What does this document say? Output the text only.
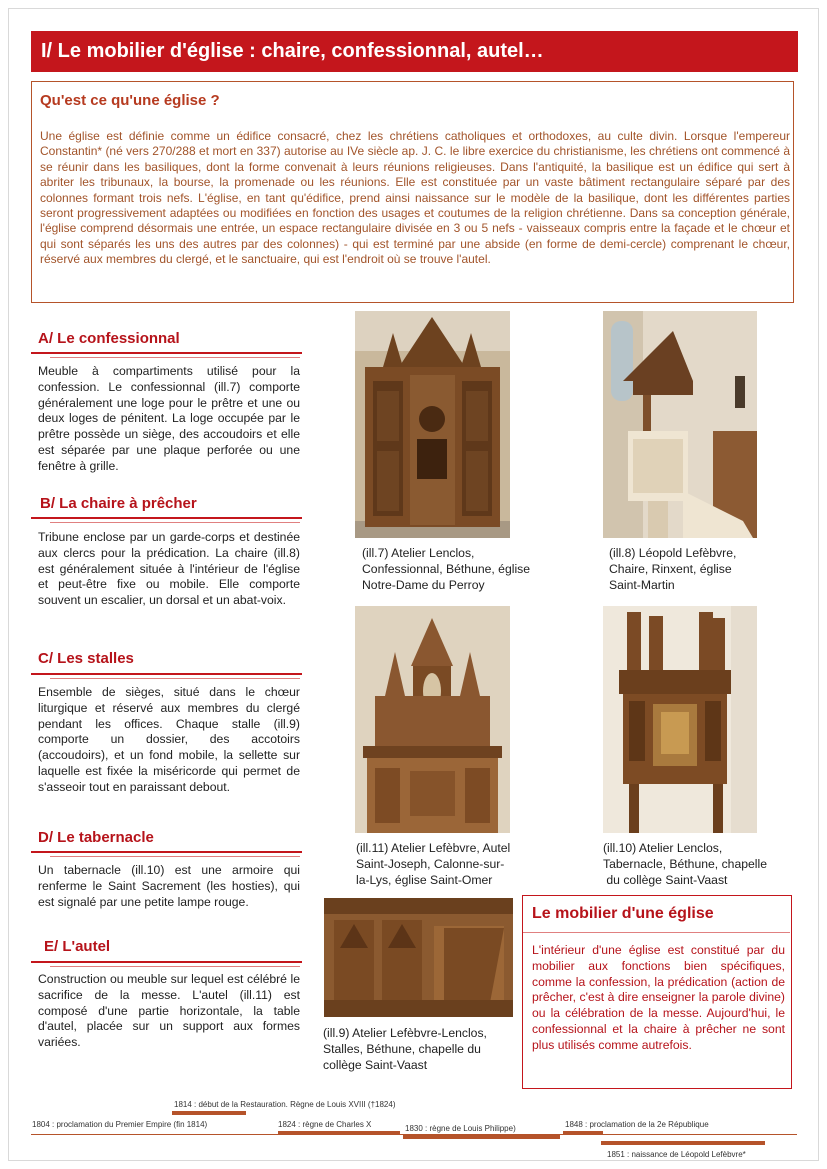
I/ Le mobilier d'église : chaire, confessionnal, autel…
Qu'est ce qu'une église ?

Une église est définie comme un édifice consacré, chez les chrétiens catholiques et orthodoxes, au culte divin. Lorsque l'empereur Constantin* (né vers 270/288 et mort en 337) autorise au IVe siècle ap. J. C. le libre exercice du christianisme, les chrétiens ont commencé à se réunir dans les basiliques, dont la forme convenait à leurs réunions religieuses. Dans l'antiquité, la basilique est un édifice qui sert à abriter les tribunaux, la bourse, la promenade ou les réunions. Elle est constituée par un vaste bâtiment rectangulaire séparé par des colonnes formant trois nefs. L'église, en tant qu'édifice, prend ainsi naissance sur le modèle de la basilique, dont les différentes parties seront progressivement adaptées ou modifiées en fonction des usages et coutumes de la religion chrétienne. Dans sa conception générale, l'église comprend désormais une entrée, un espace rectangulaire divisée en 3 ou 5 nefs - vaisseaux compris entre la façade et le chœur et qui sont séparés les uns des autres par des colonnes) - qui est terminé par une abside (en forme de demi-cercle) comprenant le chœur, réservé aux membres du clergé, et le sanctuaire, qui est l'endroit où se trouve l'autel.

A/ Le confessionnal
Meuble à compartiments utilisé pour la confession. Le confessionnal (ill.7) comporte généralement une loge pour le prêtre et une ou deux loges de pénitent. La loge occupée par le prêtre possède un siège, des accoudoirs et elle est séparée par une plaque perforée ou une fenêtre à grille.
B/ La chaire à prêcher
Tribune enclose par un garde-corps et destinée aux clercs pour la prédication. La chaire (ill.8) est généralement située à l'intérieur de l'église et peut-être fixe ou mobile. Elle comporte souvent un escalier, un dorsal et un abat-voix.
C/ Les stalles
Ensemble de sièges, situé dans le chœur liturgique et réservé aux membres du clergé pendant les offices. Chaque stalle (ill.9) comporte un dossier, des accotoirs (accoudoirs), et un fond mobile, la sellette sur laquelle est fixée la miséricorde qui permet de s'asseoir tout en paraissant debout.
D/ Le tabernacle
Un tabernacle (ill.10) est une armoire qui renferme le Saint Sacrement (les hosties), qui est signalé par une petite lampe rouge.
E/ L'autel
Construction ou meuble sur lequel est célébré le sacrifice de la messe. L'autel (ill.11) est composé d'une partie horizontale, la table d'autel, placée sur un support aux formes variées.
(ill.7) Atelier Lenclos,
Confessionnal, Béthune, église
Notre-Dame du Perroy
(ill.8) Léopold Lefèbvre,
Chaire, Rinxent, église
Saint-Martin
(ill.11) Atelier Lefèbvre, Autel
Saint-Joseph, Calonne-sur-
la-Lys, église Saint-Omer
(ill.10) Atelier Lenclos,
Tabernacle, Béthune, chapelle
du collège Saint-Vaast
(ill.9) Atelier Lefèbvre-Lenclos,
Stalles, Béthune, chapelle du
collège Saint-Vaast
Le mobilier d'une église

L'intérieur d'une église est constitué par du mobilier aux fonctions bien spécifiques, comme la confession, la prédication (action de prêcher, c'est à dire enseigner la parole divine) ou la célébration de la messe. Aujourd'hui, le confessionnal et la chaire à prêcher ne sont plus utilisés comme autrefois.

1814 : début de la Restauration. Règne de Louis XVIII (†1824)
1804 : proclamation du Premier Empire (fin 1814)	1824 : règne de Charles X	1830 : règne de Louis Philippe)	1848 : proclamation de la 2e République
1851 : naissance de Léopold Lefèbvre*
